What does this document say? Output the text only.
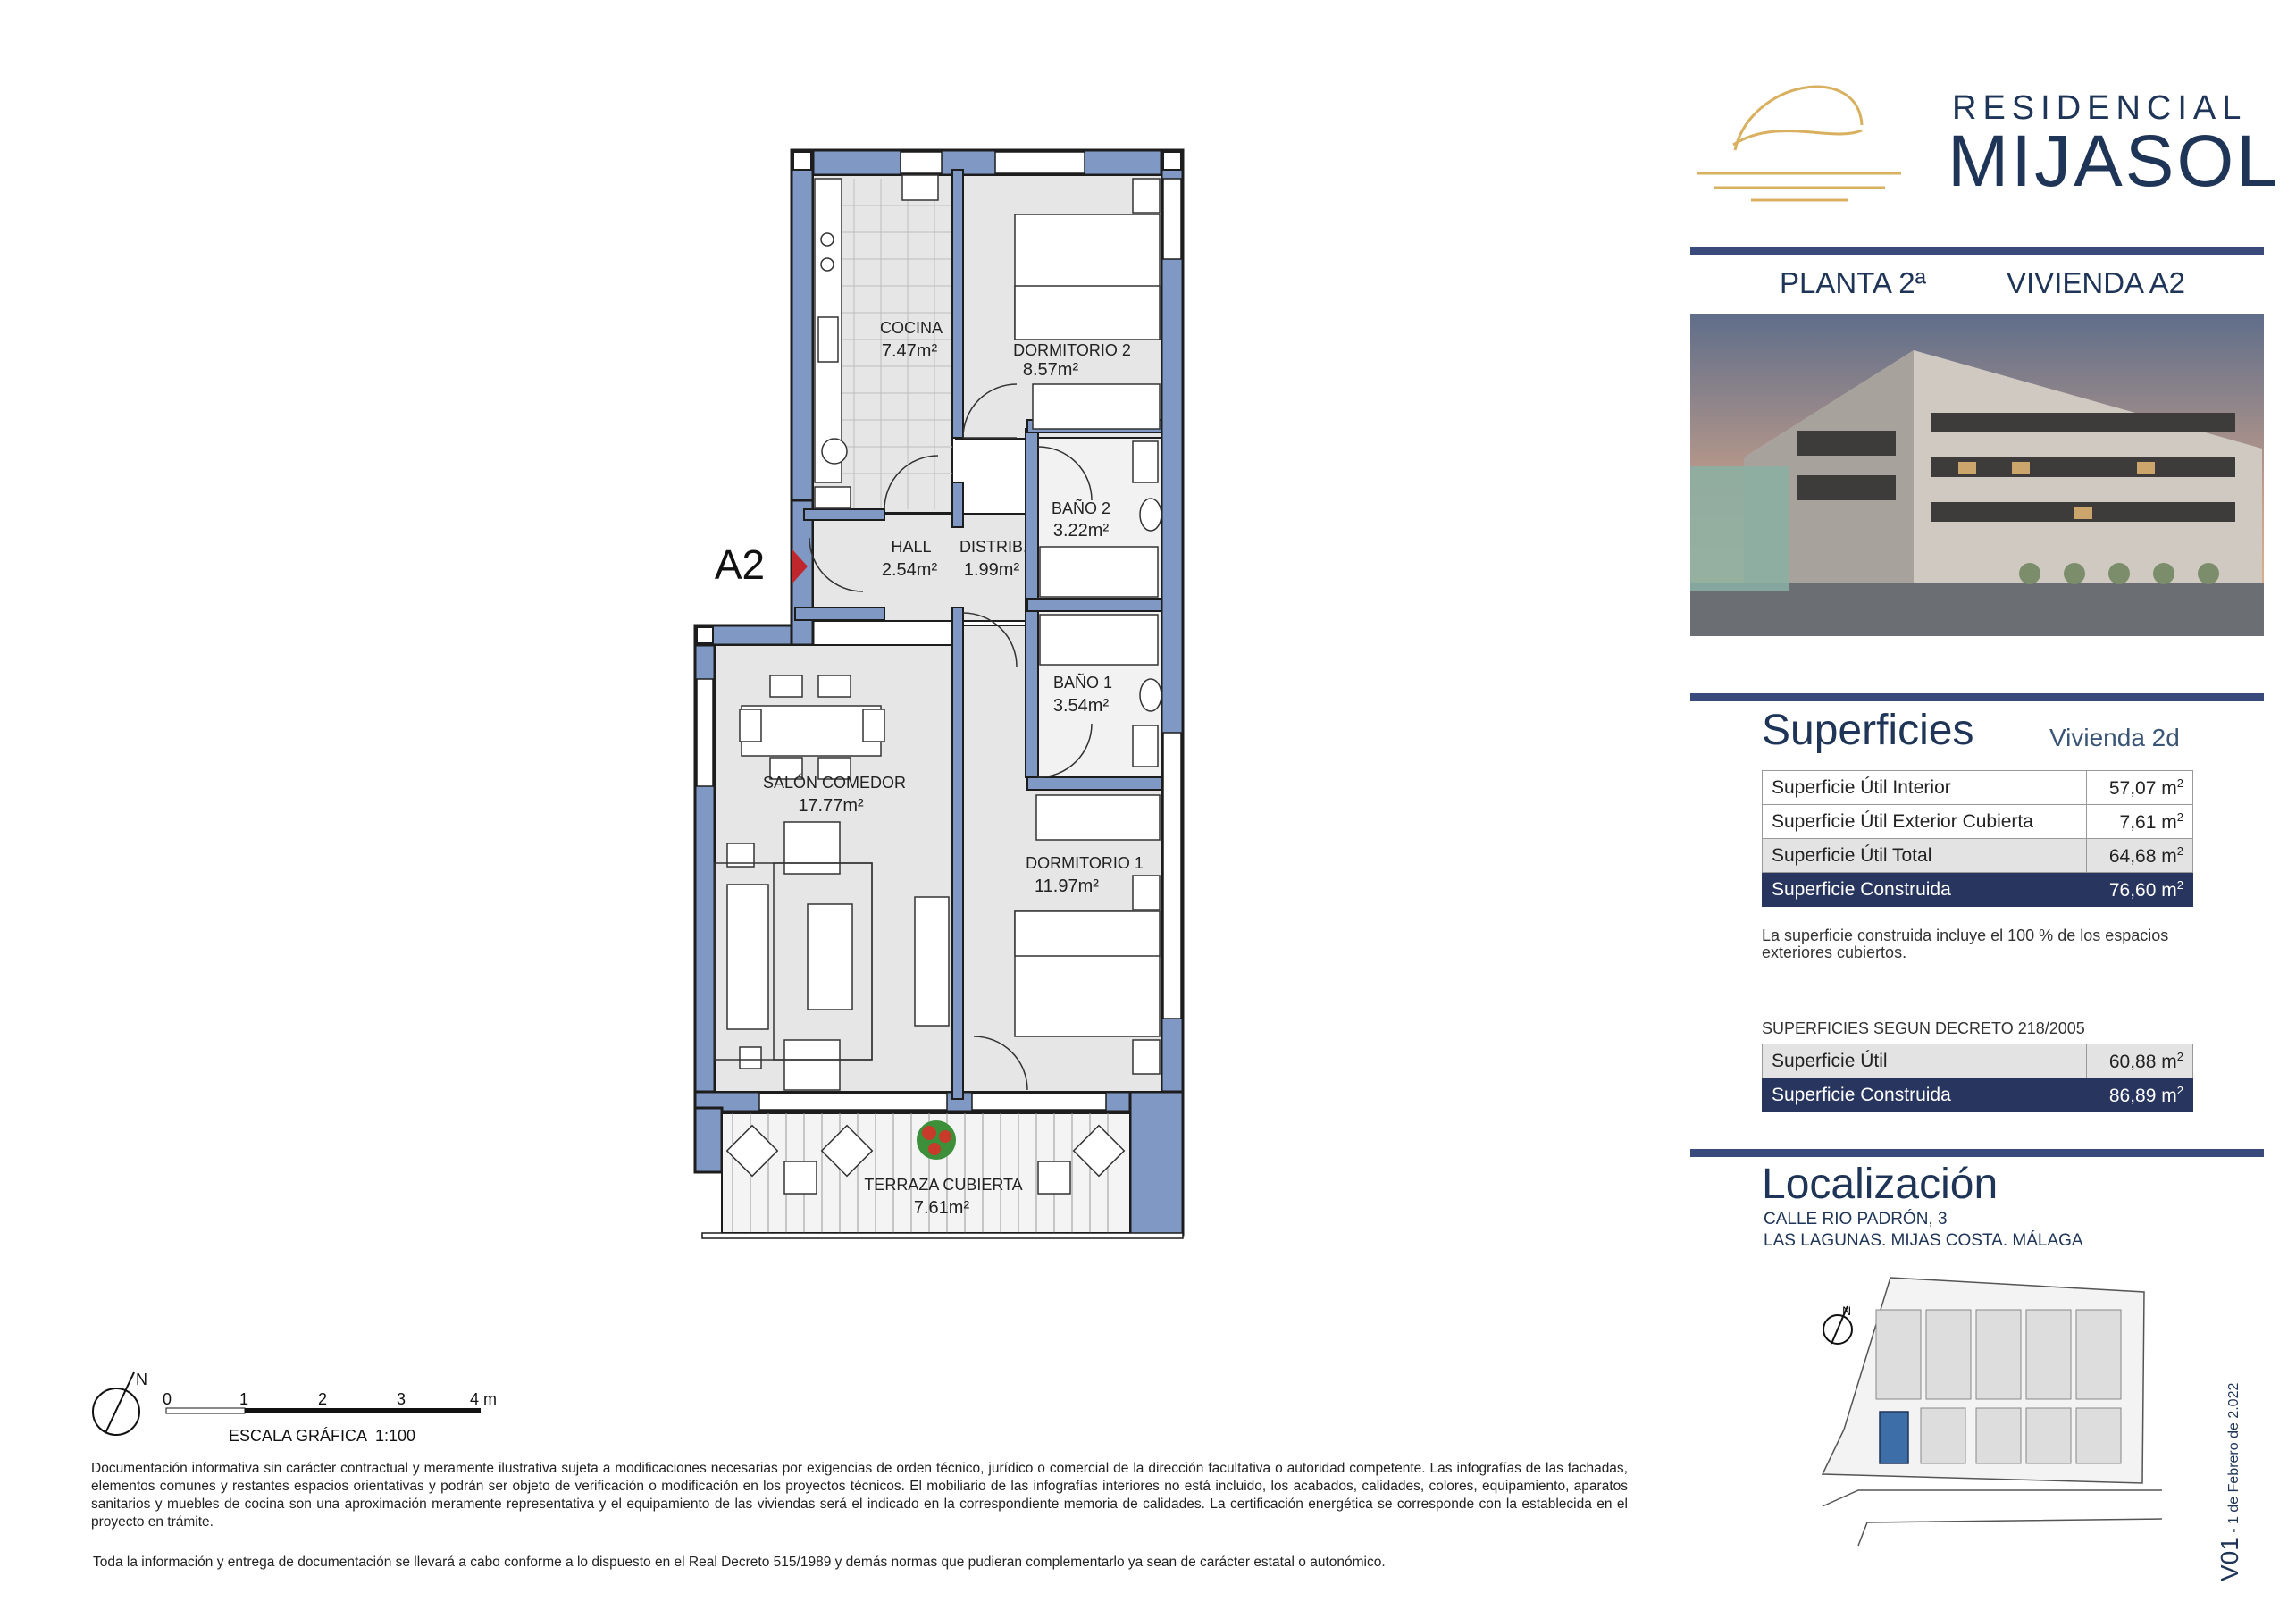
A2
COCINA
7.47m²	DORMITORIO 2
8.57m²
BAÑO 2
3.22m²
HALL
2.54m²
DISTRIB.
1.99m²
BAÑO 1
3.54m²
SALÓN COMEDOR
17.77m²
DORMITORIO 1
11.97m²
TERRAZA CUBIERTA
7.61m²
N
0	1	2	3	4 m
ESCALA GRÁFICA 1:100
N
RESIDENCIAL
MIJASOL
PLANTA 2ª	VIVIENDA A2
Superficies	Vivienda 2d
Superficie Útil Interior	57,07 $m^2$
Superficie Útil Exterior Cubierta	7,61 $m^2$
Superficie Útil Total	64,68 $m^2$
Superficie Construida	76,60 $m^2$
La superficie construida incluye el 100 % de los espacios exteriores cubiertos.
SUPERFICIES SEGUN DECRETO 218/2005
Superficie Útil	60,88 $m^2$
Superficie Construida	86,89 $m^2$
Localización
CALLE RIO PADRÓN, 3
LAS LAGUNAS. MIJAS COSTA. MÁLAGA
Documentación informativa sin carácter contractual y meramente ilustrativa sujeta a modificaciones necesarias por exigencias de orden técnico, jurídico o comercial de la dirección facultativa o autoridad competente. Las infografías de las fachadas, elementos comunes y restantes espacios orientativas y podrán ser objeto de verificación o modificación en los proyectos técnicos. El mobiliario de las infografías interiores no está incluido, los acabados, calidades, colores, equipamiento, aparatos sanitarios y muebles de cocina son una aproximación meramente representativa y el equipamiento de las viviendas será el indicado en la correspondiente memoria de calidades. La certificación energética se corresponde con la establecida en el proyecto en trámite.
Toda la información y entrega de documentación se llevará a cabo conforme a lo dispuesto en el Real Decreto 515/1989 y demás normas que pudieran complementarlo ya sean de carácter estatal o autonómico.	V01 - 1 de Febrero de 2.022
